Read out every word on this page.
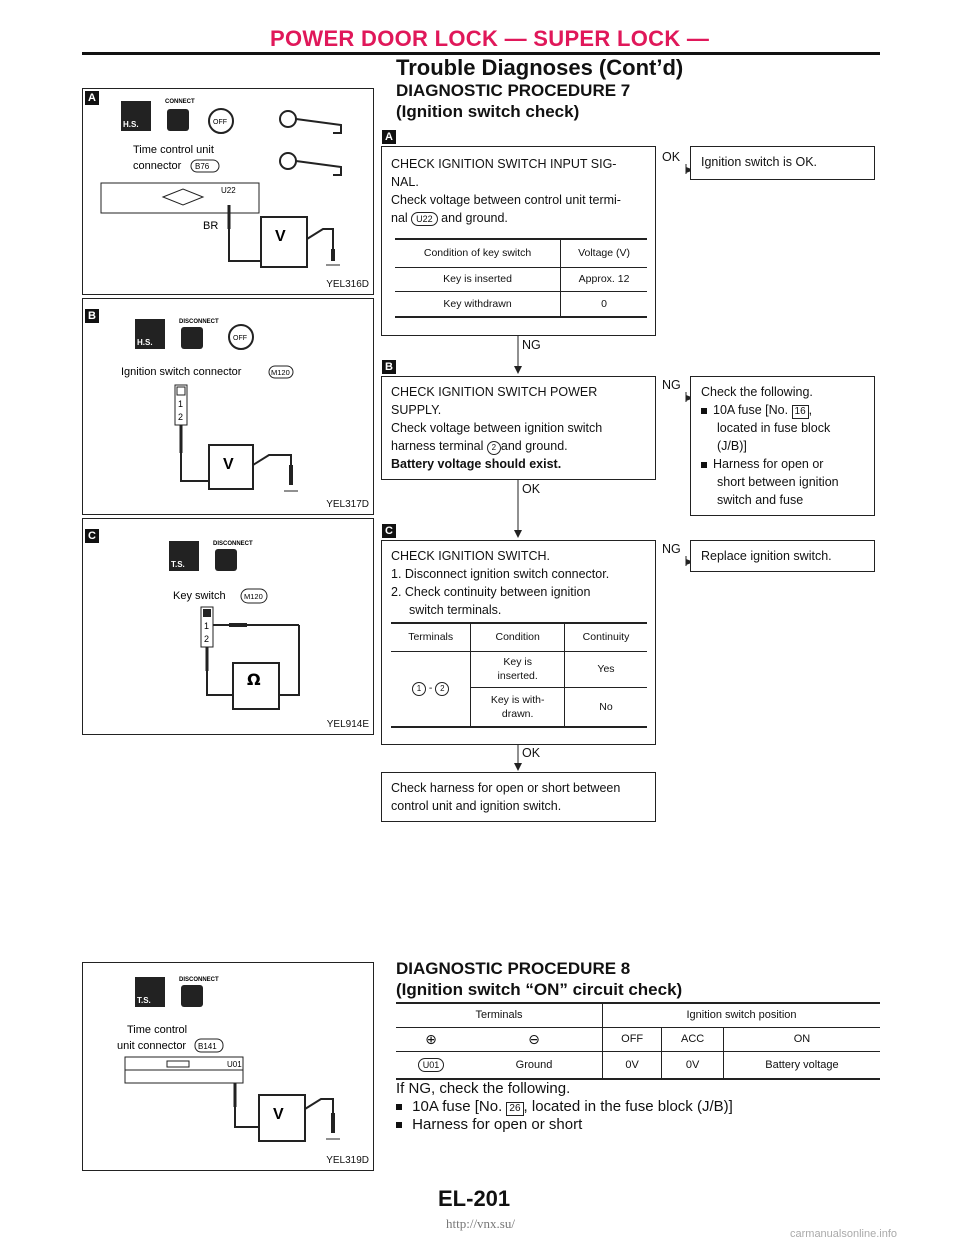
POWER DOOR LOCK — SUPER LOCK —
Trouble Diagnoses (Cont’d)
A
H.S.
CONNECT
OFF
Time control unit
connector B76
U22
BR
V
YEL316D
B
H.S.
DISCONNECT
OFF
Ignition switch connector	M120
1
2
V
YEL317D
C
T.S.
DISCONNECT
Key switch M120
1
2
Ω
YEL914E
DIAGNOSTIC PROCEDURE 7
(Ignition switch check)
A
CHECK IGNITION SWITCH INPUT SIG-
NAL.
Check voltage between control unit termi-
nal U22 and ground.
Condition of key switch	Voltage (V)
Key is inserted	Approx. 12
Key withdrawn	0
OK	Ignition switch is OK.
NG
B
CHECK IGNITION SWITCH POWER
SUPPLY.
Check voltage between ignition switch
harness terminal 2 and ground.
Battery voltage should exist.
NG Check the following.
10A fuse [No. 16 ,
located in fuse block
(J/B)]
Harness for open or
short between ignition
switch and fuse
OK
C
CHECK IGNITION SWITCH.
1. Disconnect ignition switch connector.
2. Check continuity between ignition
switch terminals.
Terminals	Condition	Continuity
1 - 2	Key is
inserted.	Yes

	Key is with-
drawn.	No
NG	Replace ignition switch.
OK
Check harness for open or short between
control unit and ignition switch.
T.S.
DISCONNECT
Time control
unit connector B141
U01
V
YEL319D
DIAGNOSTIC PROCEDURE 8
(Ignition switch “ON” circuit check)
Terminals		Ignition switch position		
⊕	⊖	OFF	ACC	ON
U01	Ground	0V	0V	Battery voltage
If NG, check the following.
10A fuse [No. 26 , located in the fuse block (J/B)]
Harness for open or short
EL-201
http://vnx.su/
carmanualsonline.info
